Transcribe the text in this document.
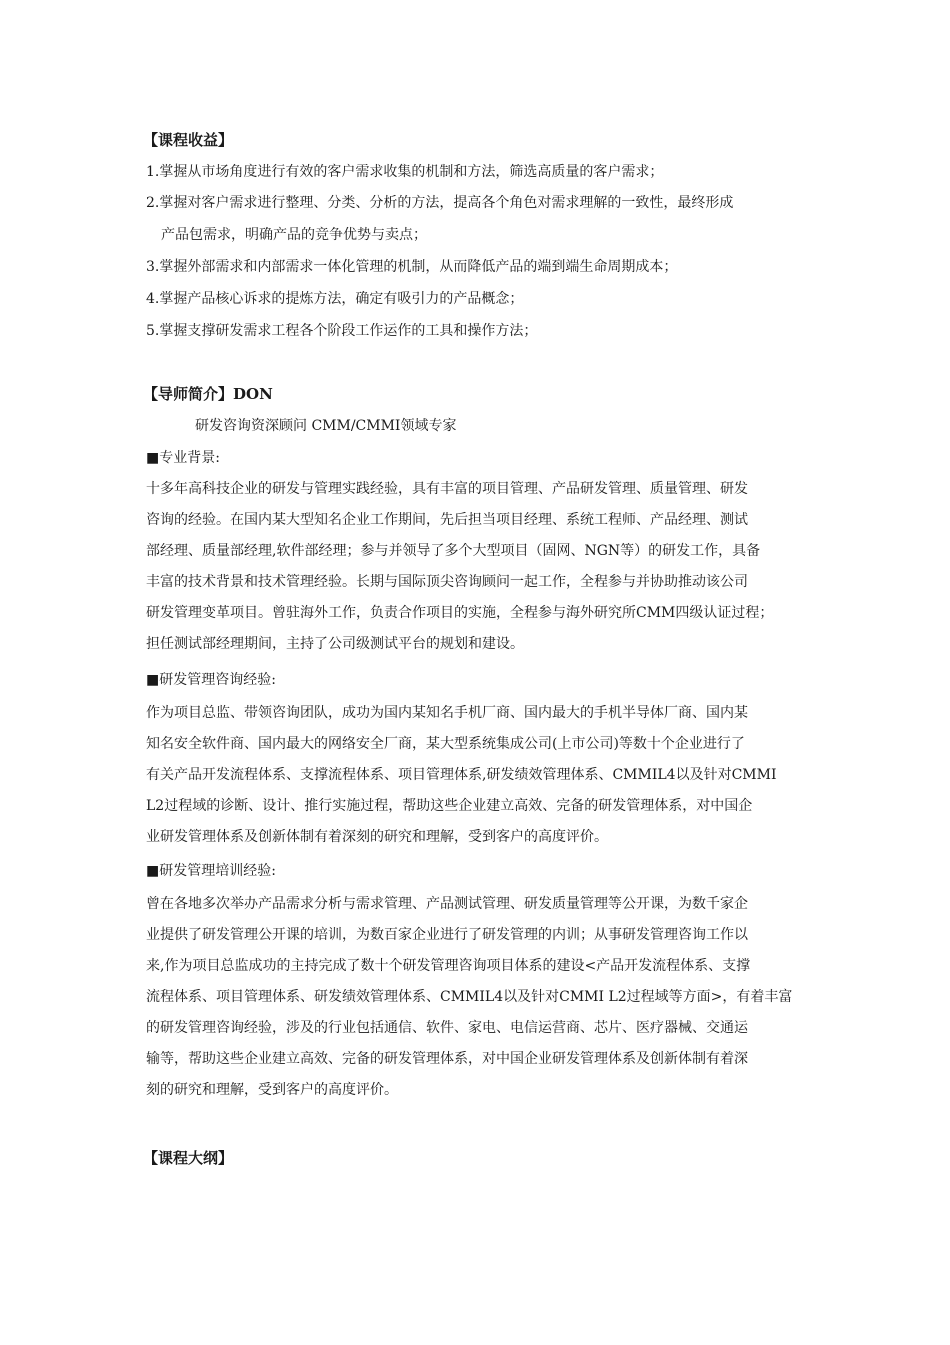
【课程收益】
1.掌握从市场角度进行有效的客户需求收集的机制和方法，筛选高质量的客户需求；
2.掌握对客户需求进行整理、分类、分析的方法，提高各个角色对需求理解的一致性，最终形成
产品包需求，明确产品的竞争优势与卖点；
3.掌握外部需求和内部需求一体化管理的机制，从而降低产品的端到端生命周期成本；
4.掌握产品核心诉求的提炼方法，确定有吸引力的产品概念；
5.掌握支撑研发需求工程各个阶段工作运作的工具和操作方法；
【导师简介】DON
研发咨询资深顾问 CMM/CMMI领域专家
■专业背景:
十多年高科技企业的研发与管理实践经验，具有丰富的项目管理、产品研发管理、质量管理、研发
咨询的经验。在国内某大型知名企业工作期间，先后担当项目经理、系统工程师、产品经理、测试
部经理、质量部经理,软件部经理；参与并领导了多个大型项目（固网、NGN等）的研发工作，具备
丰富的技术背景和技术管理经验。长期与国际顶尖咨询顾问一起工作，全程参与并协助推动该公司
研发管理变革项目。曾驻海外工作，负责合作项目的实施，全程参与海外研究所CMM四级认证过程；
担任测试部经理期间，主持了公司级测试平台的规划和建设。
■研发管理咨询经验:
作为项目总监、带领咨询团队，成功为国内某知名手机厂商、国内最大的手机半导体厂商、国内某
知名安全软件商、国内最大的网络安全厂商，某大型系统集成公司(上市公司)等数十个企业进行了
有关产品开发流程体系、支撑流程体系、项目管理体系,研发绩效管理体系、CMMIL4以及针对CMMI
L2过程域的诊断、设计、推行实施过程，帮助这些企业建立高效、完备的研发管理体系，对中国企
业研发管理体系及创新体制有着深刻的研究和理解，受到客户的高度评价。
■研发管理培训经验:
曾在各地多次举办产品需求分析与需求管理、产品测试管理、研发质量管理等公开课，为数千家企
业提供了研发管理公开课的培训，为数百家企业进行了研发管理的内训；从事研发管理咨询工作以
来,作为项目总监成功的主持完成了数十个研发管理咨询项目体系的建设<产品开发流程体系、支撑
流程体系、项目管理体系、研发绩效管理体系、CMMIL4以及针对CMMI L2过程域等方面>，有着丰富
的研发管理咨询经验，涉及的行业包括通信、软件、家电、电信运营商、芯片、医疗器械、交通运
输等，帮助这些企业建立高效、完备的研发管理体系，对中国企业研发管理体系及创新体制有着深
刻的研究和理解，受到客户的高度评价。
【课程大纲】
